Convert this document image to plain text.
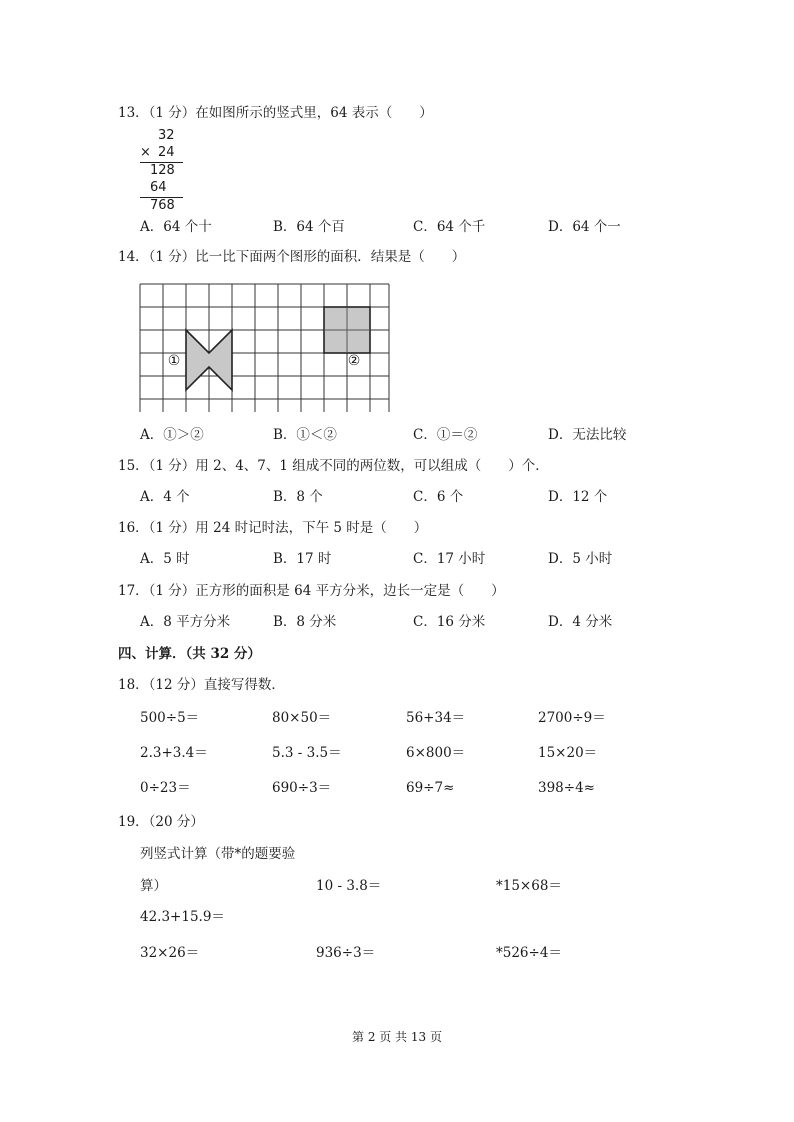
13．（1 分）在如图所示的竖式里，64 表示（　　）
32
× 24
128
64
768
A．64 个十	B．64 个百	C．64 个千	D．64 个一
14．（1 分）比一比下面两个图形的面积．结果是（　　）
①	②
A．①＞②	B．①＜②	C．①＝②	D．无法比较
15．（1 分）用 2、4、7、1 组成不同的两位数，可以组成（　　）个．
A．4 个	B．8 个	C．6 个	D．12 个
16．（1 分）用 24 时记时法，下午 5 时是（　　）
A．5 时	B．17 时	C．17 小时	D．5 小时
17．（1 分）正方形的面积是 64 平方分米，边长一定是（　　）
A．8 平方分米	B．8 分米	C．16 分米	D．4 分米
四、计算．（共 32 分）
18．（12 分）直接写得数．
500÷5＝	80×50＝	56+34＝	2700÷9＝
2.3+3.4＝	5.3 - 3.5＝	6×800＝	15×20＝
0÷23＝	690÷3＝	69÷7≈	398÷4≈
19．（20 分）
列竖式计算（带*的题要验
算）	10 - 3.8＝	*15×68＝
42.3+15.9＝
32×26＝	936÷3＝	*526÷4＝
第 2 页 共 13 页
